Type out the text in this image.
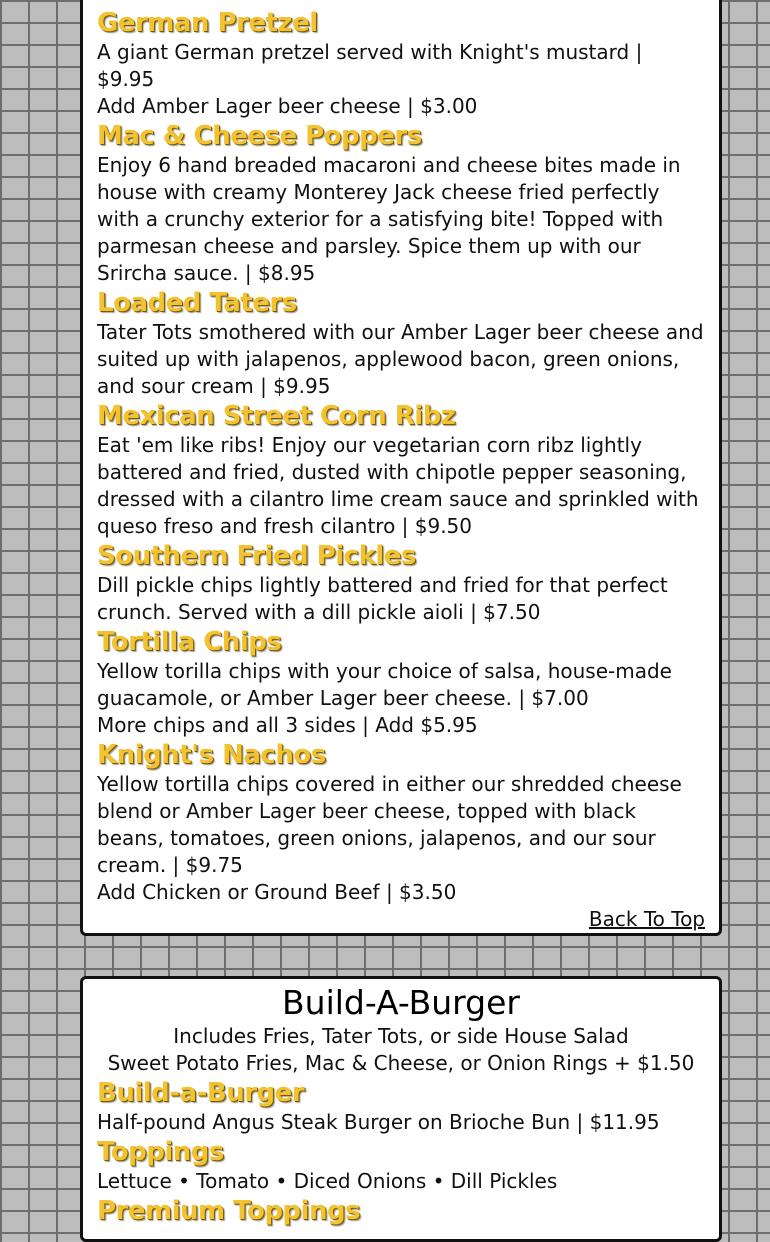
German Pretzel

A giant German pretzel served with Knight's mustard | $9.95

Add Amber Lager beer cheese | $3.00

Mac & Cheese Poppers

Enjoy 6 hand breaded macaroni and cheese bites made in house with creamy Monterey Jack cheese fried perfectly with a crunchy exterior for a satisfying bite! Topped with parmesan cheese and parsley. Spice them up with our Srircha sauce. | $8.95

Loaded Taters

Tater Tots smothered with our Amber Lager beer cheese and suited up with jalapenos, applewood bacon, green onions, and sour cream | $9.95

Mexican Street Corn Ribz

Eat 'em like ribs! Enjoy our vegetarian corn ribz lightly battered and fried, dusted with chipotle pepper seasoning, dressed with a cilantro lime cream sauce and sprinkled with queso freso and fresh cilantro | $9.50

Southern Fried Pickles

Dill pickle chips lightly battered and fried for that perfect crunch. Served with a dill pickle aioli | $7.50

Tortilla Chips

Yellow torilla chips with your choice of salsa, house-made guacamole, or Amber Lager beer cheese. | $7.00

More chips and all 3 sides | Add $5.95

Knight's Nachos

Yellow tortilla chips covered in either our shredded cheese blend or Amber Lager beer cheese, topped with black beans, tomatoes, green onions, jalapenos, and our sour cream. | $9.75

Add Chicken or Ground Beef | $3.50

Back To Top
Build-A-Burger

Includes Fries, Tater Tots, or side House Salad

Sweet Potato Fries, Mac & Cheese, or Onion Rings + $1.50

Build-a-Burger

Half-pound Angus Steak Burger on Brioche Bun | $11.95

Toppings

Lettuce • Tomato • Diced Onions • Dill Pickles

Premium Toppings
